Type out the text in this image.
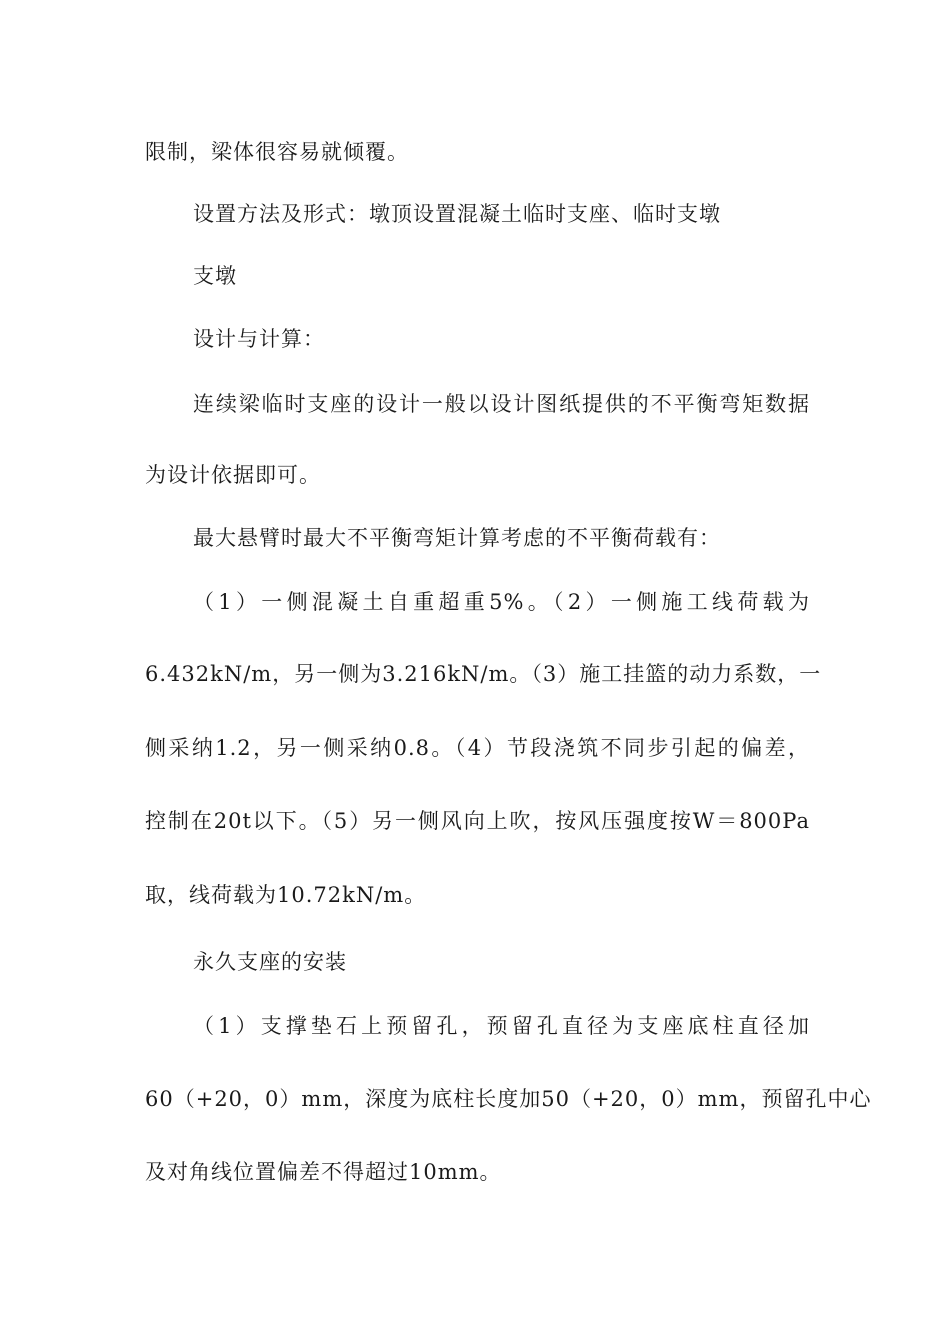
限制，梁体很容易就倾覆。
设置方法及形式：墩顶设置混凝土临时支座、临时支墩
支墩
设计与计算：
连续梁临时支座的设计一般以设计图纸提供的不平衡弯矩数据
为设计依据即可。
最大悬臂时最大不平衡弯矩计算考虑的不平衡荷载有：
（1）一侧混凝土自重超重5%。（2）一侧施工线荷载为
6.432kN/m，另一侧为3.216kN/m。（3）施工挂篮的动力系数，一
侧采纳1.2，另一侧采纳0.8。（4）节段浇筑不同步引起的偏差，
控制在20t以下。（5）另一侧风向上吹，按风压强度按W＝800Pa
取，线荷载为10.72kN/m。
永久支座的安装
（1）支撑垫石上预留孔，预留孔直径为支座底柱直径加
60（+20，0）mm，深度为底柱长度加50（+20，0）mm，预留孔中心
及对角线位置偏差不得超过10mm。
